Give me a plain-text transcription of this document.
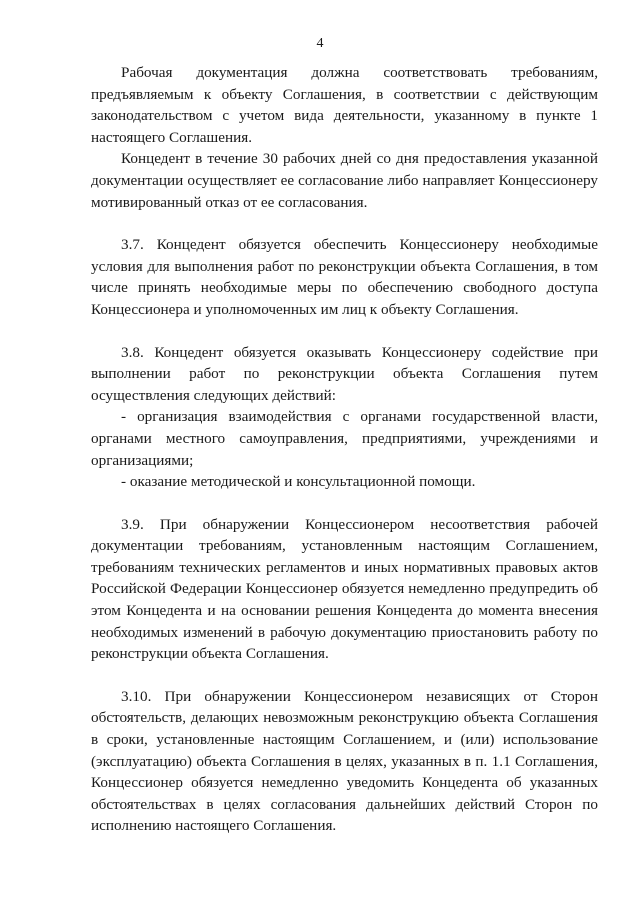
4

Рабочая документация должна соответствовать требованиям, предъявляемым к объекту Соглашения, в соответствии с действующим законодательством с учетом вида деятельности, указанному в пункте 1 настоящего Соглашения.

Концедент в течение 30 рабочих дней со дня предоставления указанной документации осуществляет ее согласование либо направляет Концессионеру мотивированный отказ от ее согласования.

3.7. Концедент обязуется обеспечить Концессионеру необходимые условия для выполнения работ по реконструкции объекта Соглашения, в том числе принять необходимые меры по обеспечению свободного доступа Концессионера и уполномоченных им лиц к объекту Соглашения.

3.8. Концедент обязуется оказывать Концессионеру содействие при выполнении работ по реконструкции объекта Соглашения путем осуществления следующих действий:

- организация взаимодействия с органами государственной власти, органами местного самоуправления, предприятиями, учреждениями и организациями;

- оказание методической и консультационной помощи.

3.9. При обнаружении Концессионером несоответствия рабочей документации требованиям, установленным настоящим Соглашением, требованиям технических регламентов и иных нормативных правовых актов Российской Федерации Концессионер обязуется немедленно предупредить об этом Концедента и на основании решения Концедента до момента внесения необходимых изменений в рабочую документацию приостановить работу по реконструкции объекта Соглашения.

3.10. При обнаружении Концессионером независящих от Сторон обстоятельств, делающих невозможным реконструкцию объекта Соглашения в сроки, установленные настоящим Соглашением, и (или) использование (эксплуатацию) объекта Соглашения в целях, указанных в п. 1.1 Соглашения, Концессионер обязуется немедленно уведомить Концедента об указанных обстоятельствах в целях согласования дальнейших действий Сторон по исполнению настоящего Соглашения.
